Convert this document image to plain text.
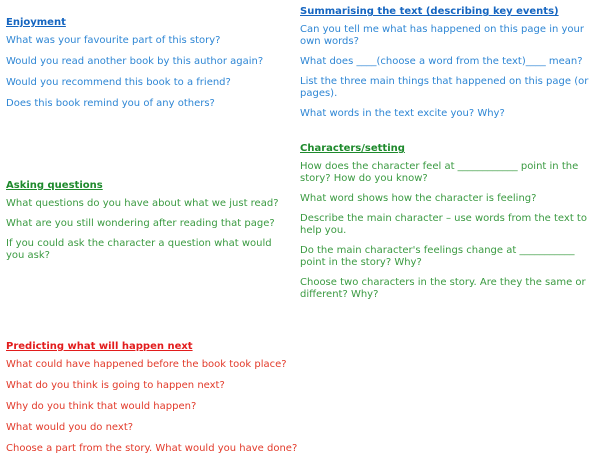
Enjoyment

What was your favourite part of this story?

Would you read another book by this author again?

Would you recommend this book to a friend?

Does this book remind you of any others?

Summarising the text (describing key events)

Can you tell me what has happened on this page in your own words?

What does ____(choose a word from the text)____ mean?

List the three main things that happened on this page (or pages).

What words in the text excite you? Why?

Asking questions

What questions do you have about what we just read?

What are you still wondering after reading that page?

If you could ask the character a question what would you ask?

Characters/setting

How does the character feel at ____________ point in the story? How do you know?

What word shows how the character is feeling?

Describe the main character – use words from the text to help you.

Do the main character's feelings change at ___________ point in the story? Why?

Choose two characters in the story. Are they the same or different? Why?

Predicting what will happen next

What could have happened before the book took place?

What do you think is going to happen next?

Why do you think that would happen?

What would you do next?

Choose a part from the story. What would you have done?
